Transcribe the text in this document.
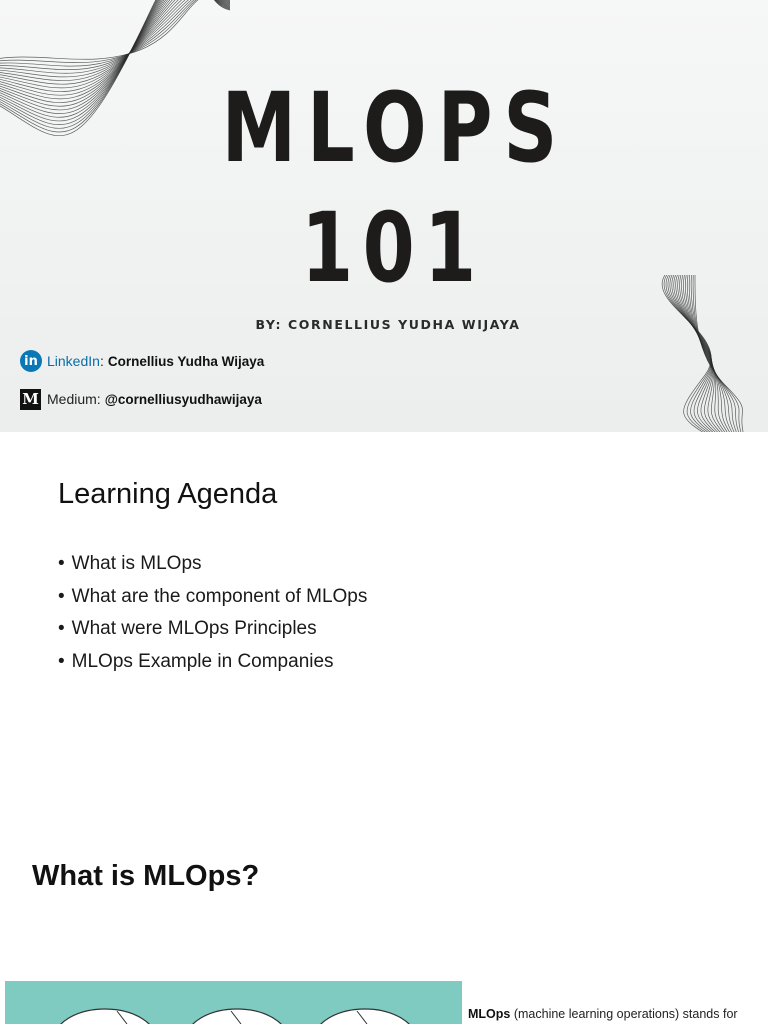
MLOPS
101
BY: CORNELLIUS YUDHA WIJAYA
in LinkedIn : Cornellius Yudha Wijaya
M Medium: @cornelliusyudhawijaya
Learning Agenda
• What is MLOps
• What are the component of MLOps
• What were MLOps Principles
• MLOps Example in Companies
What is MLOps?
MLOps (machine learning operations) stands for
